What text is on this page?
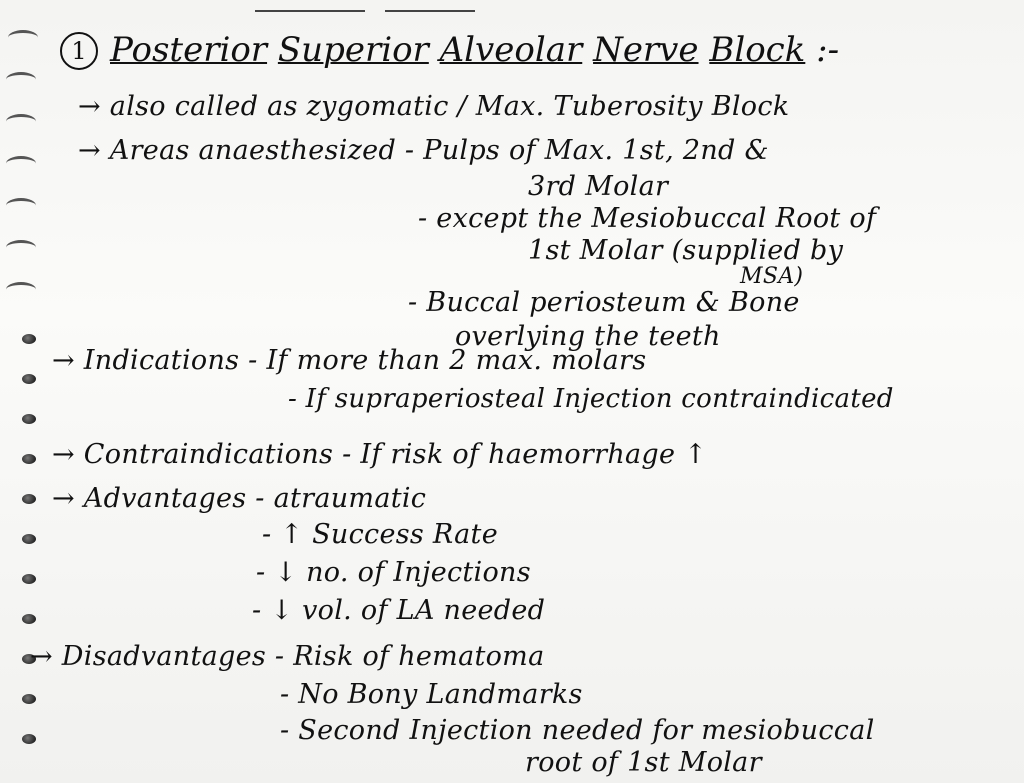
1 Posterior Superior Alveolar Nerve Block :-
→ also called as zygomatic / Max. Tuberosity Block
→ Areas anaesthesized - Pulps of Max. 1st, 2nd &
3rd Molar
- except the Mesiobuccal Root of
1st Molar (supplied by
MSA)
- Buccal periosteum & Bone
overlying the teeth
→ Indications - If more than 2 max. molars
- If supraperiosteal Injection contraindicated
→ Contraindications - If risk of haemorrhage ↑
→ Advantages - atraumatic
- ↑ Success Rate
- ↓ no. of Injections
- ↓ vol. of LA needed
→ Disadvantages - Risk of hematoma
- No Bony Landmarks
- Second Injection needed for mesiobuccal
root of 1st Molar
